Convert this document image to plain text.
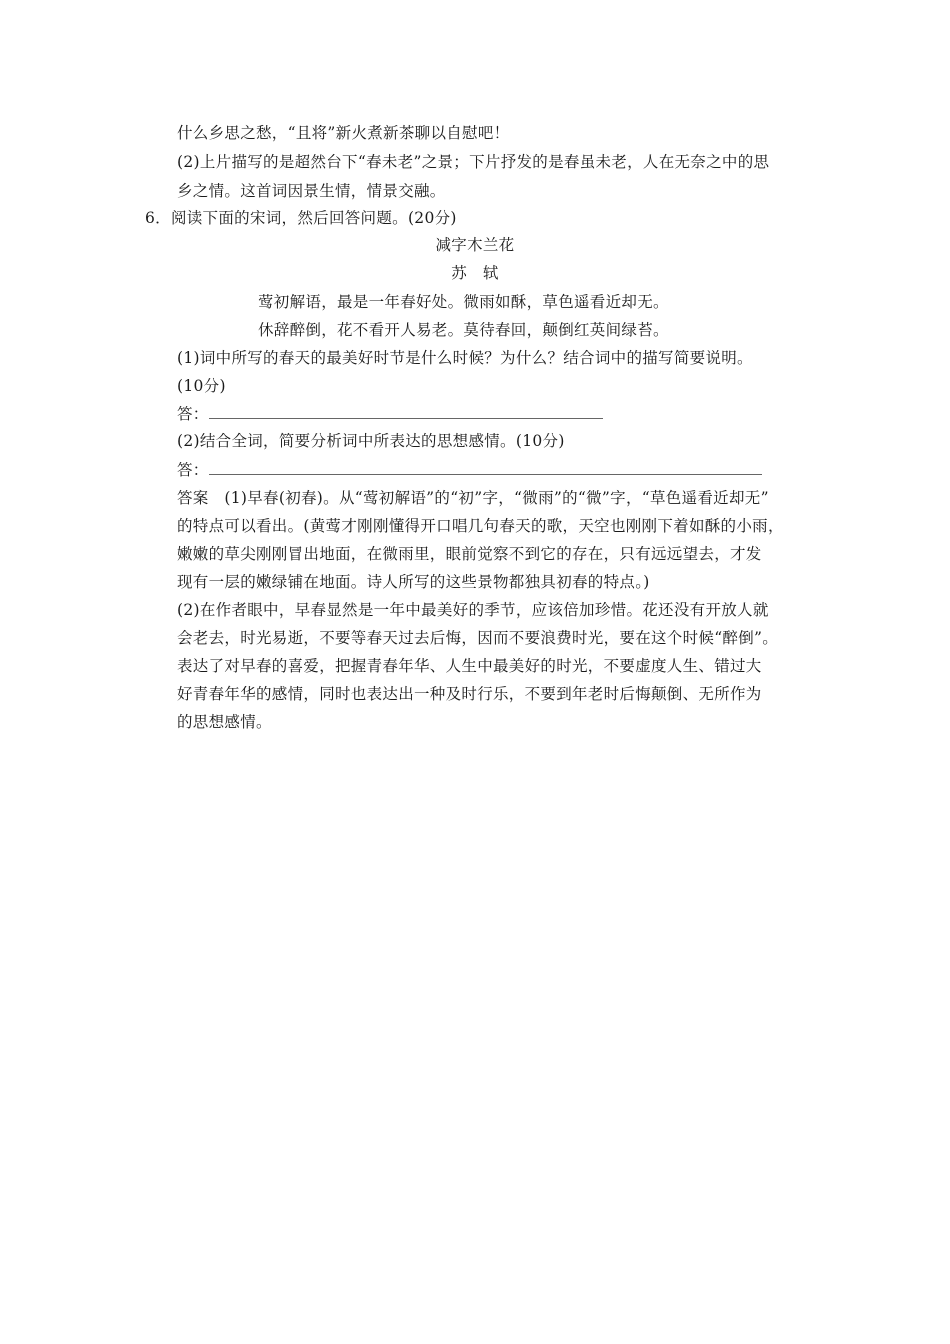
什么乡思之愁，“且将”新火煮新茶聊以自慰吧！
(2)上片描写的是超然台下“春未老”之景；下片抒发的是春虽未老，人在无奈之中的思
乡之情。这首词因景生情，情景交融。
6．阅读下面的宋词，然后回答问题。(20分)
减字木兰花
苏　轼
莺初解语，最是一年春好处。微雨如酥，草色遥看近却无。
休辞醉倒，花不看开人易老。莫待春回，颠倒红英间绿苔。
(1)词中所写的春天的最美好时节是什么时候？为什么？结合词中的描写简要说明。
(10分)
答：
(2)结合全词，简要分析词中所表达的思想感情。(10分)
答：
答案　(1)早春(初春)。从“莺初解语”的“初”字，“微雨”的“微”字，“草色遥看近却无”
的特点可以看出。(黄莺才刚刚懂得开口唱几句春天的歌，天空也刚刚下着如酥的小雨，
嫩嫩的草尖刚刚冒出地面，在微雨里，眼前觉察不到它的存在，只有远远望去，才发
现有一层的嫩绿铺在地面。诗人所写的这些景物都独具初春的特点。)
(2)在作者眼中，早春显然是一年中最美好的季节，应该倍加珍惜。花还没有开放人就
会老去，时光易逝，不要等春天过去后悔，因而不要浪费时光，要在这个时候“醉倒”。
表达了对早春的喜爱，把握青春年华、人生中最美好的时光，不要虚度人生、错过大
好青春年华的感情，同时也表达出一种及时行乐，不要到年老时后悔颠倒、无所作为
的思想感情。
